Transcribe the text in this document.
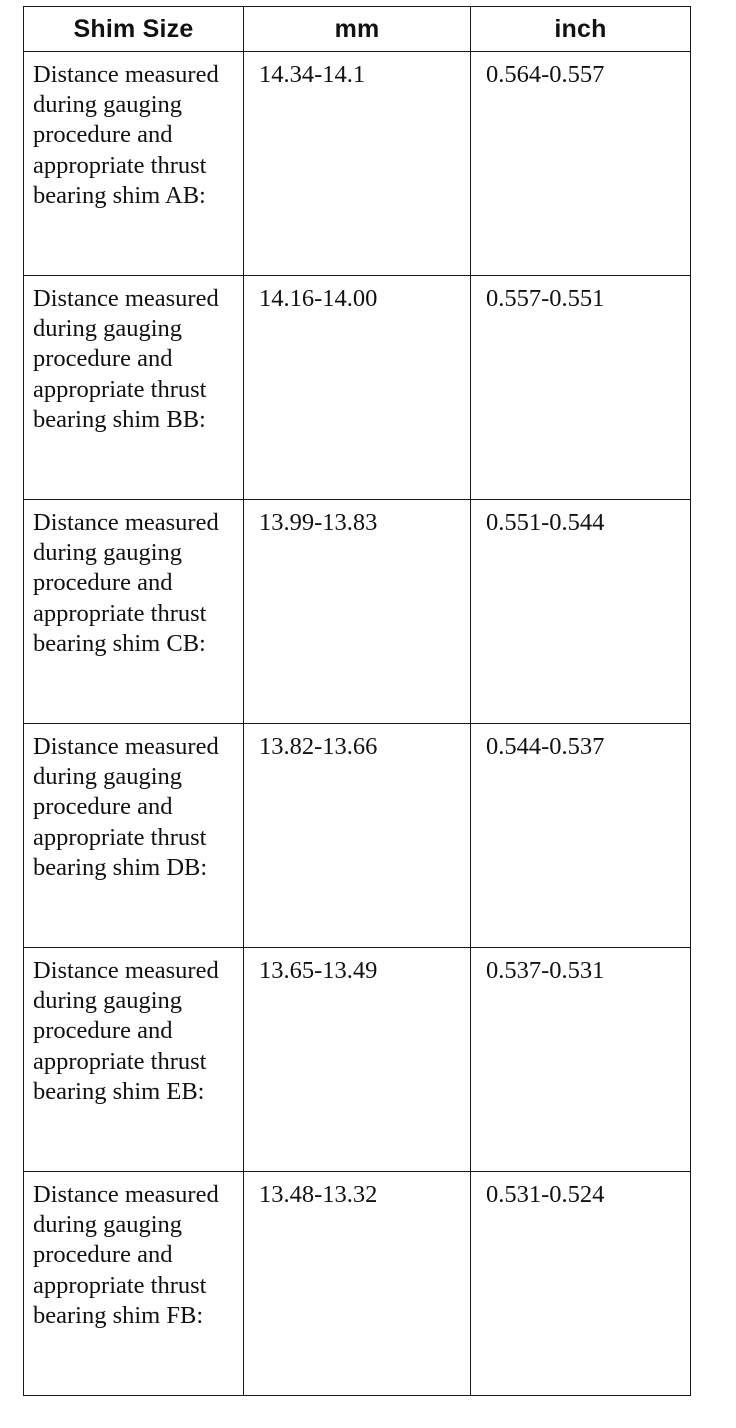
Shim Size	mm	inch
Distance measured during gauging procedure and appropriate thrust bearing shim AB:	14.34-14.1	0.564-0.557
Distance measured during gauging procedure and appropriate thrust bearing shim BB:	14.16-14.00	0.557-0.551
Distance measured during gauging procedure and appropriate thrust bearing shim CB:	13.99-13.83	0.551-0.544
Distance measured during gauging procedure and appropriate thrust bearing shim DB:	13.82-13.66	0.544-0.537
Distance measured during gauging procedure and appropriate thrust bearing shim EB:	13.65-13.49	0.537-0.531
Distance measured during gauging procedure and appropriate thrust bearing shim FB:	13.48-13.32	0.531-0.524
